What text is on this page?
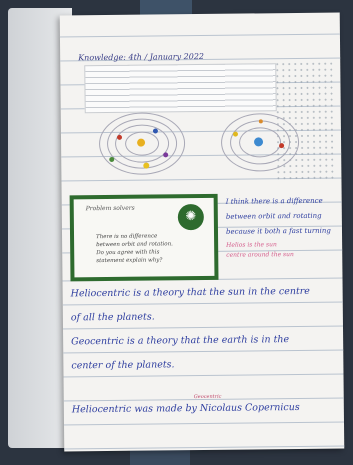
Knowledge: 4th / January 2022
Problem solvers
✺
There is no difference
between orbit and rotation.
Do you agree with this
statement explain why?
I think there is a difference
between orbit and rotating
because it both a fast turning
Helios is the sun
centre around the sun
Heliocentric is a theory that the sun in the centre
of all the planets.
Geocentric is a theory that the earth is in the
center of the planets.
Geocentric
Heliocentric was made by Nicolaus Copernicus
